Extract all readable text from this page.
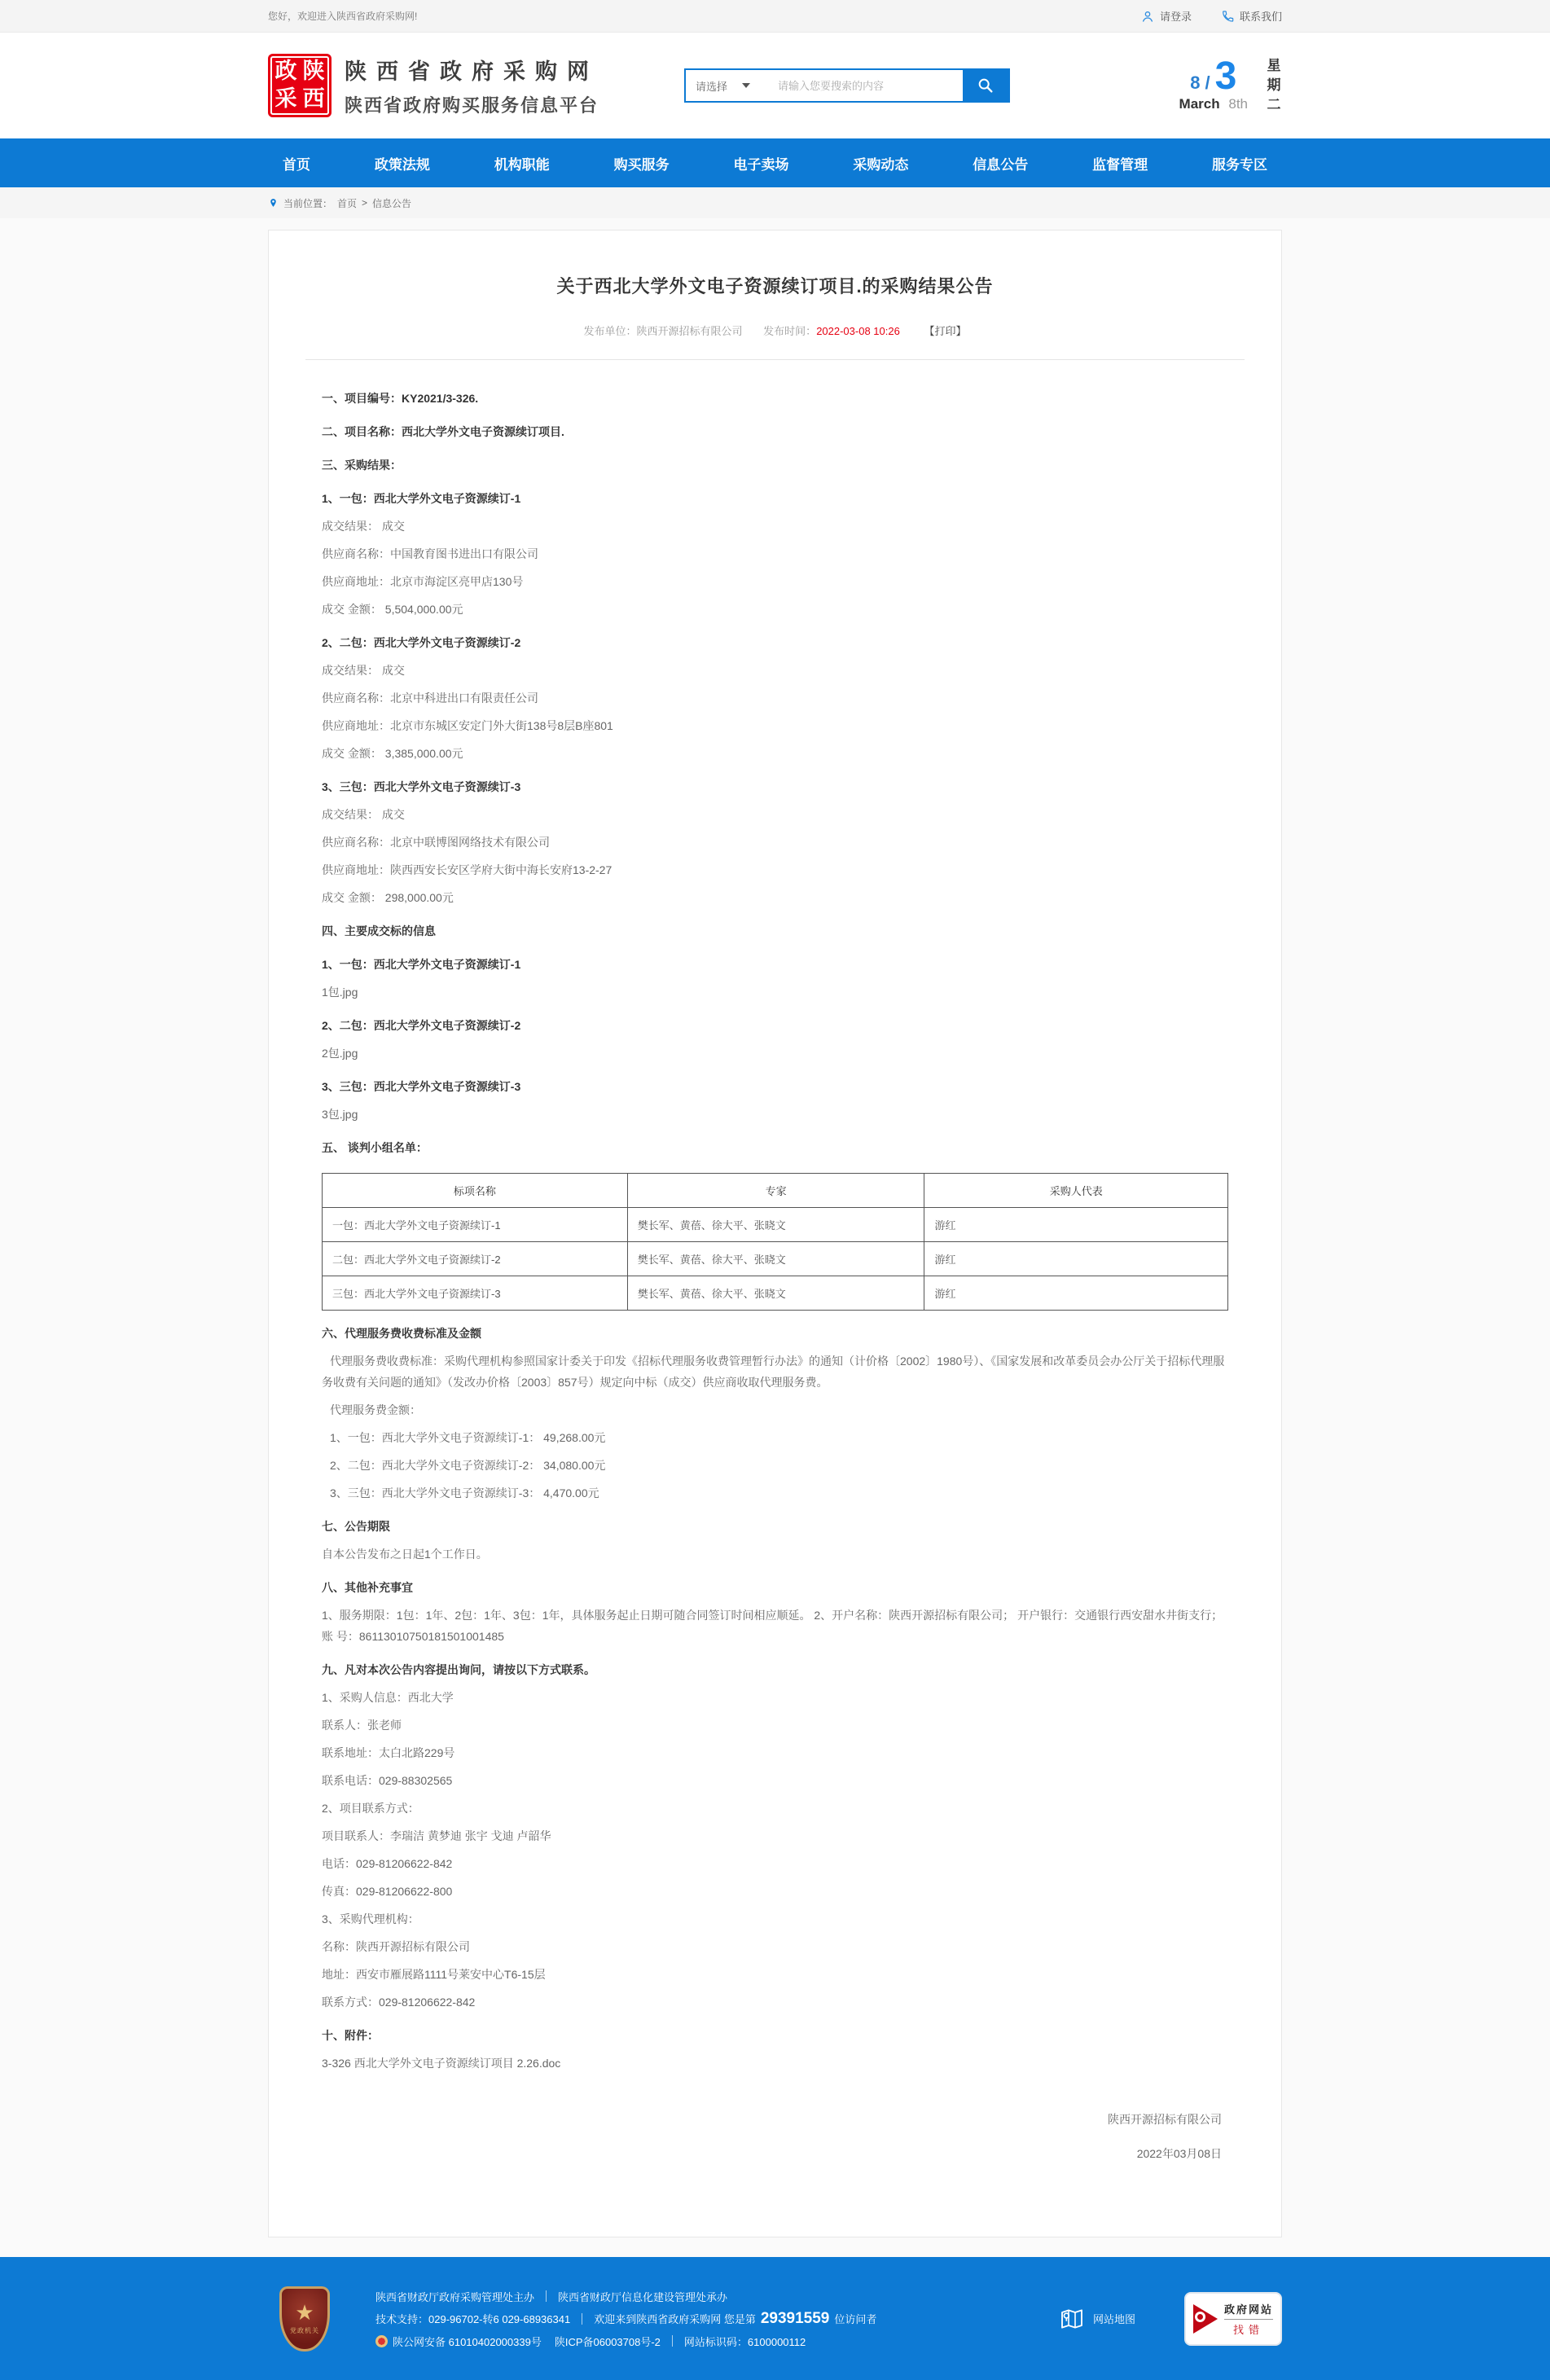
您好，欢迎进入陕西省政府采购网!	请登录	联系我们
政 陕
采 西
陕西省政府采购网
陕西省政府购买服务信息平台
请选择
请输入您要搜索的内容	8 / 3
March 8th
星期二
首页	政策法规	机构职能	购买服务	电子卖场	采购动态	信息公告	监督管理	服务专区
当前位置： 首页 > 信息公告
关于西北大学外文电子资源续订项目.的采购结果公告
发布单位：陕西开源招标有限公司 发布时间：2022-03-08 10:26 【打印】

一、项目编号：KY2021/3-326.

二、项目名称：西北大学外文电子资源续订项目.

三、采购结果：

1、一包：西北大学外文电子资源续订-1

成交结果： 成交

供应商名称：中国教育图书进出口有限公司

供应商地址：北京市海淀区亮甲店130号

成交 金额： 5,504,000.00元

2、二包：西北大学外文电子资源续订-2

成交结果： 成交

供应商名称：北京中科进出口有限责任公司

供应商地址：北京市东城区安定门外大街138号8层B座801

成交 金额： 3,385,000.00元

3、三包：西北大学外文电子资源续订-3

成交结果： 成交

供应商名称：北京中联博图网络技术有限公司

供应商地址：陕西西安长安区学府大街中海长安府13-2-27

成交 金额： 298,000.00元

四、主要成交标的信息

1、一包：西北大学外文电子资源续订-1

1包.jpg

2、二包：西北大学外文电子资源续订-2

2包.jpg

3、三包：西北大学外文电子资源续订-3

3包.jpg

五、 谈判小组名单：

标项名称	专家	采购人代表
一包：西北大学外文电子资源续订-1	樊长军、黄蓓、徐大平、张晓文	游红
二包：西北大学外文电子资源续订-2	樊长军、黄蓓、徐大平、张晓文	游红
三包：西北大学外文电子资源续订-3	樊长军、黄蓓、徐大平、张晓文	游红

六、代理服务费收费标准及金额

代理服务费收费标准：采购代理机构参照国家计委关于印发《招标代理服务收费管理暂行办法》的通知（计价格〔2002〕1980号）、《国家发展和改革委员会办公厅关于招标代理服务收费有关问题的通知》（发改办价格〔2003〕857号）规定向中标（成交）供应商收取代理服务费。

代理服务费金额：

1、一包：西北大学外文电子资源续订-1： 49,268.00元

2、二包：西北大学外文电子资源续订-2： 34,080.00元

3、三包：西北大学外文电子资源续订-3： 4,470.00元

七、公告期限

自本公告发布之日起1个工作日。

八、其他补充事宜

1、服务期限：1包：1年、2包：1年、3包：1年，具体服务起止日期可随合同签订时间相应顺延。 2、开户名称：陕西开源招标有限公司； 开户银行：交通银行西安甜水井街支行； 账 号：86113010750181501001485

九、凡对本次公告内容提出询问，请按以下方式联系。

1、采购人信息：西北大学

联系人：张老师

联系地址：太白北路229号

联系电话：029-88302565

2、项目联系方式：

项目联系人：李瑞洁 黄梦迪 张宇 戈迪 卢韶华

电话：029-81206622-842

传真：029-81206622-800

3、采购代理机构：

名称：陕西开源招标有限公司

地址：西安市雁展路1111号莱安中心T6-15层

联系方式：029-81206622-842

十、附件：

3-326 西北大学外文电子资源续订项目 2.26.doc

陕西开源招标有限公司
2022年03月08日
★
党政机关
陕西省财政厅政府采购管理处主办 陕西省财政厅信息化建设管理处承办
技术支持：029-96702-转6 029-68936341 欢迎来到陕西省政府采购网 您是第 29391559 位访问者
陕公网安备 61010402000339号 陕ICP备06003708号-2 网站标识码：6100000112
网站地图
政府网站
找错
